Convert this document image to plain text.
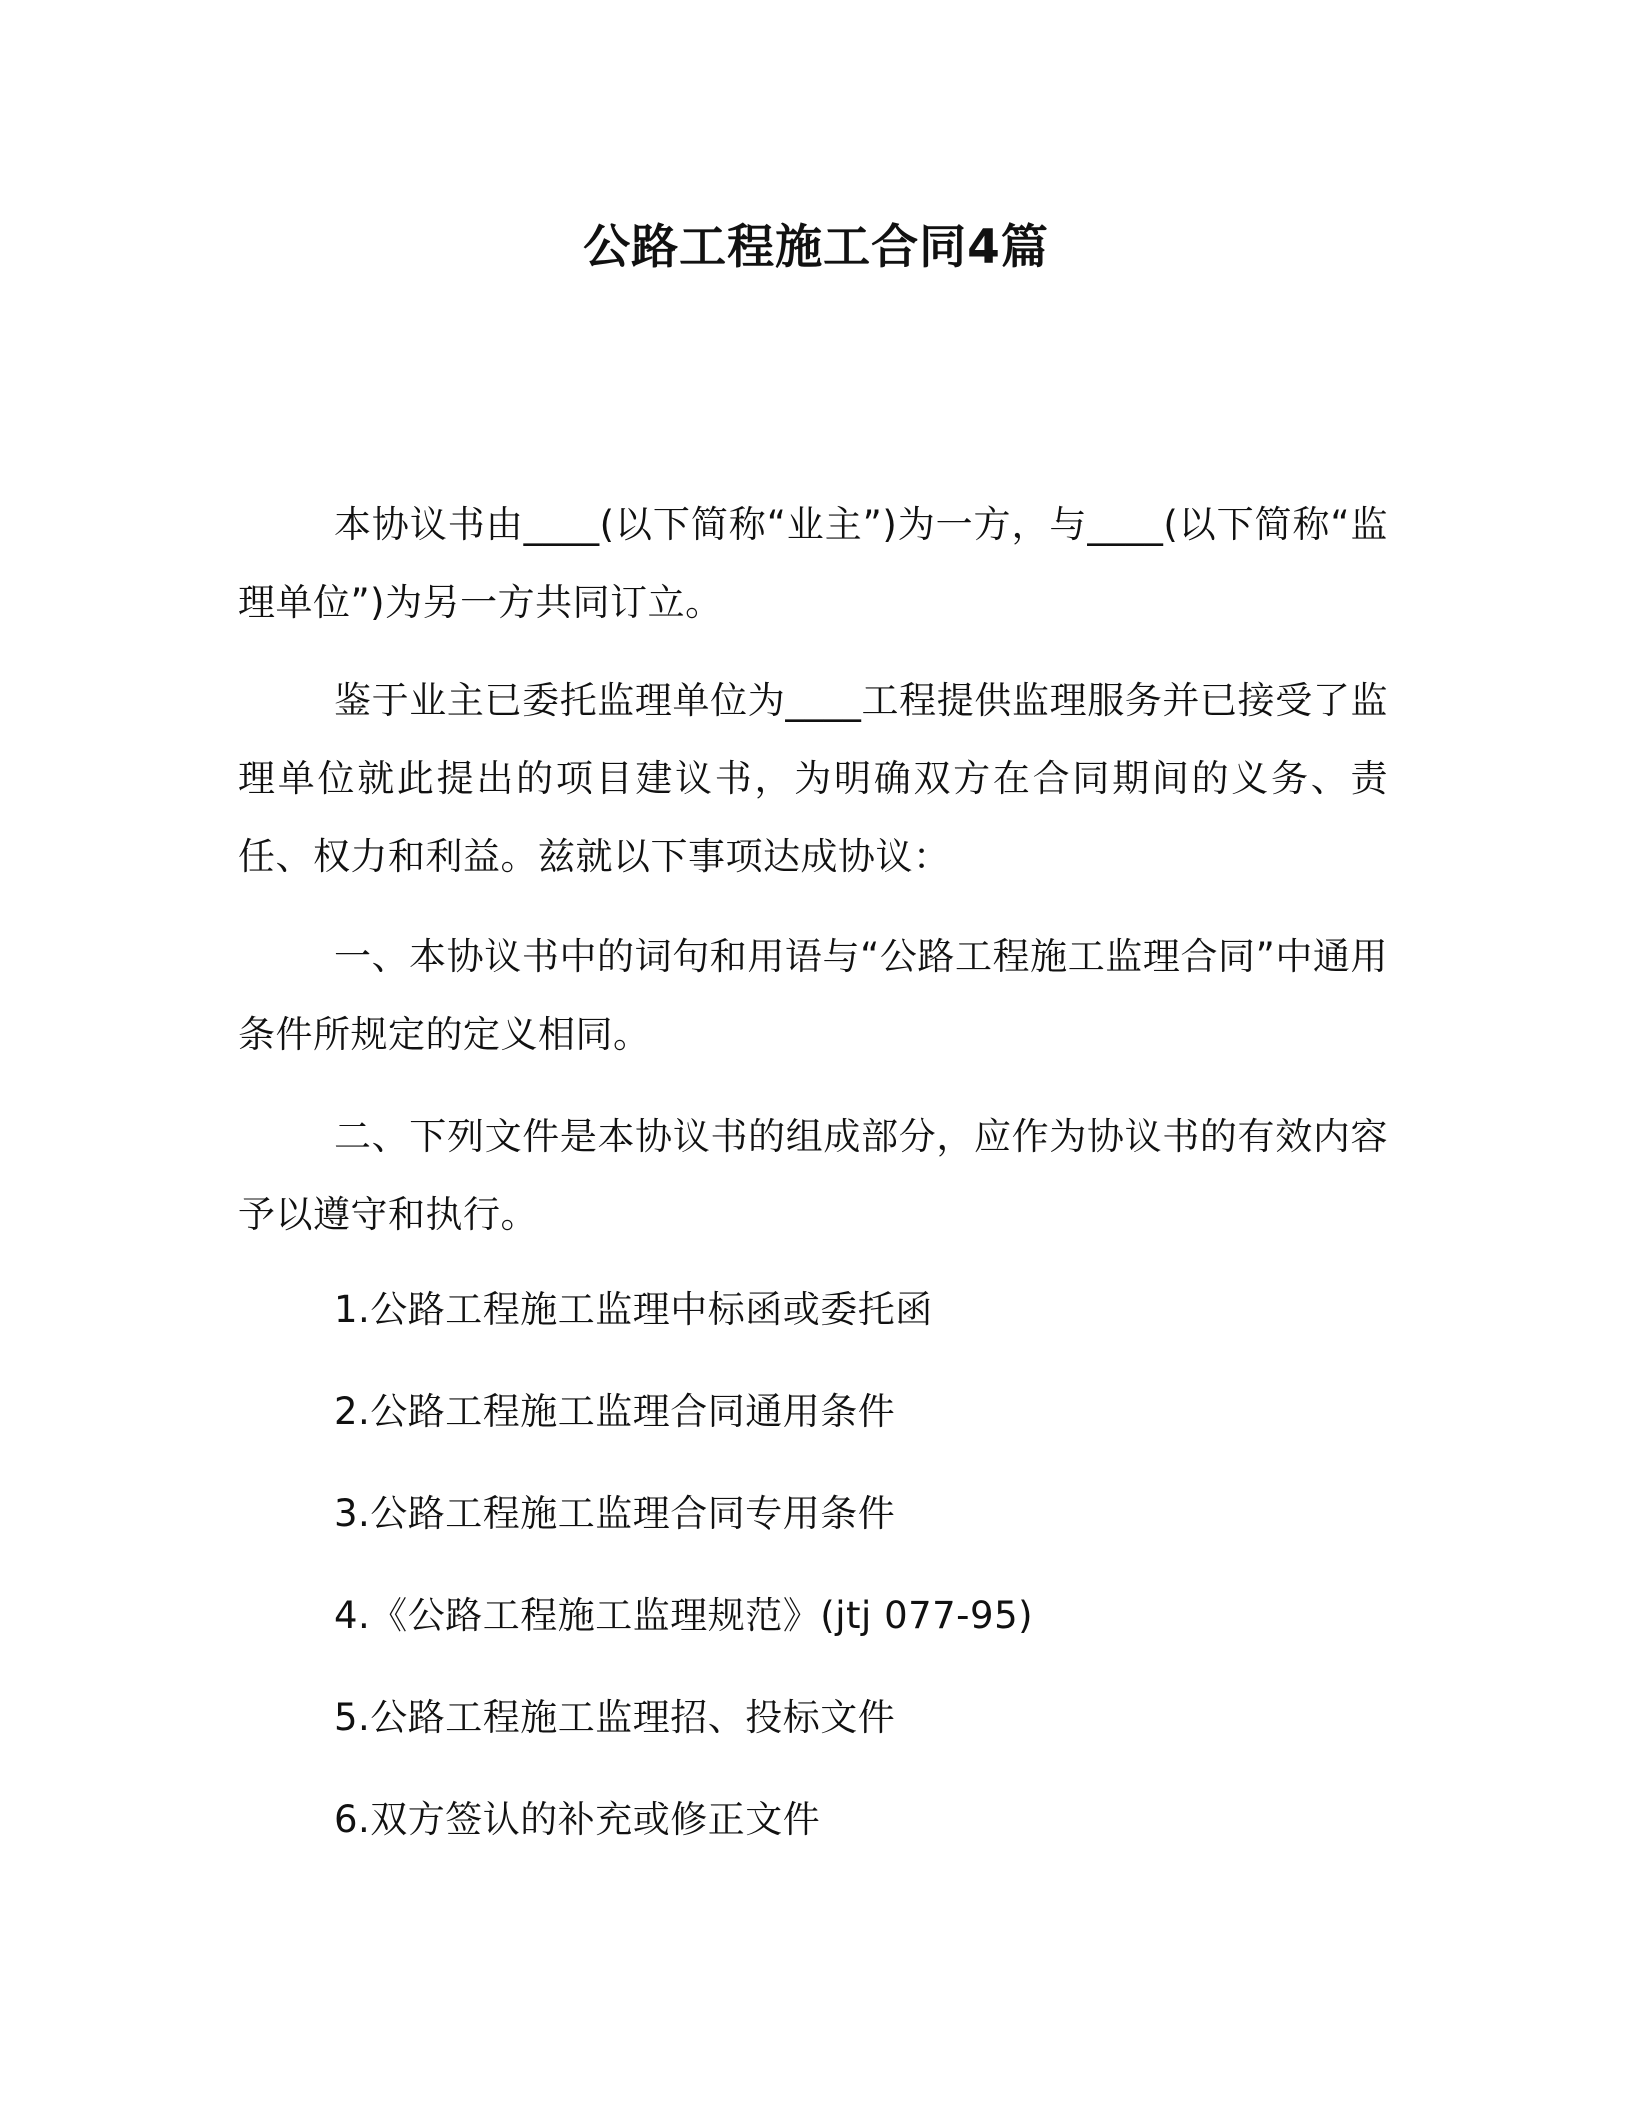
公路工程施工合同4篇

本协议书由____(以下简称“业主”)为一方，与____(以下简称“监理单位”)为另一方共同订立。

鉴于业主已委托监理单位为____工程提供监理服务并已接受了监理单位就此提出的项目建议书，为明确双方在合同期间的义务、责任、权力和利益。兹就以下事项达成协议：

一、本协议书中的词句和用语与“公路工程施工监理合同”中通用条件所规定的定义相同。

二、下列文件是本协议书的组成部分，应作为协议书的有效内容予以遵守和执行。

1.公路工程施工监理中标函或委托函
2.公路工程施工监理合同通用条件
3.公路工程施工监理合同专用条件
4.《公路工程施工监理规范》(jtj 077-95)
5.公路工程施工监理招、投标文件
6.双方签认的补充或修正文件
